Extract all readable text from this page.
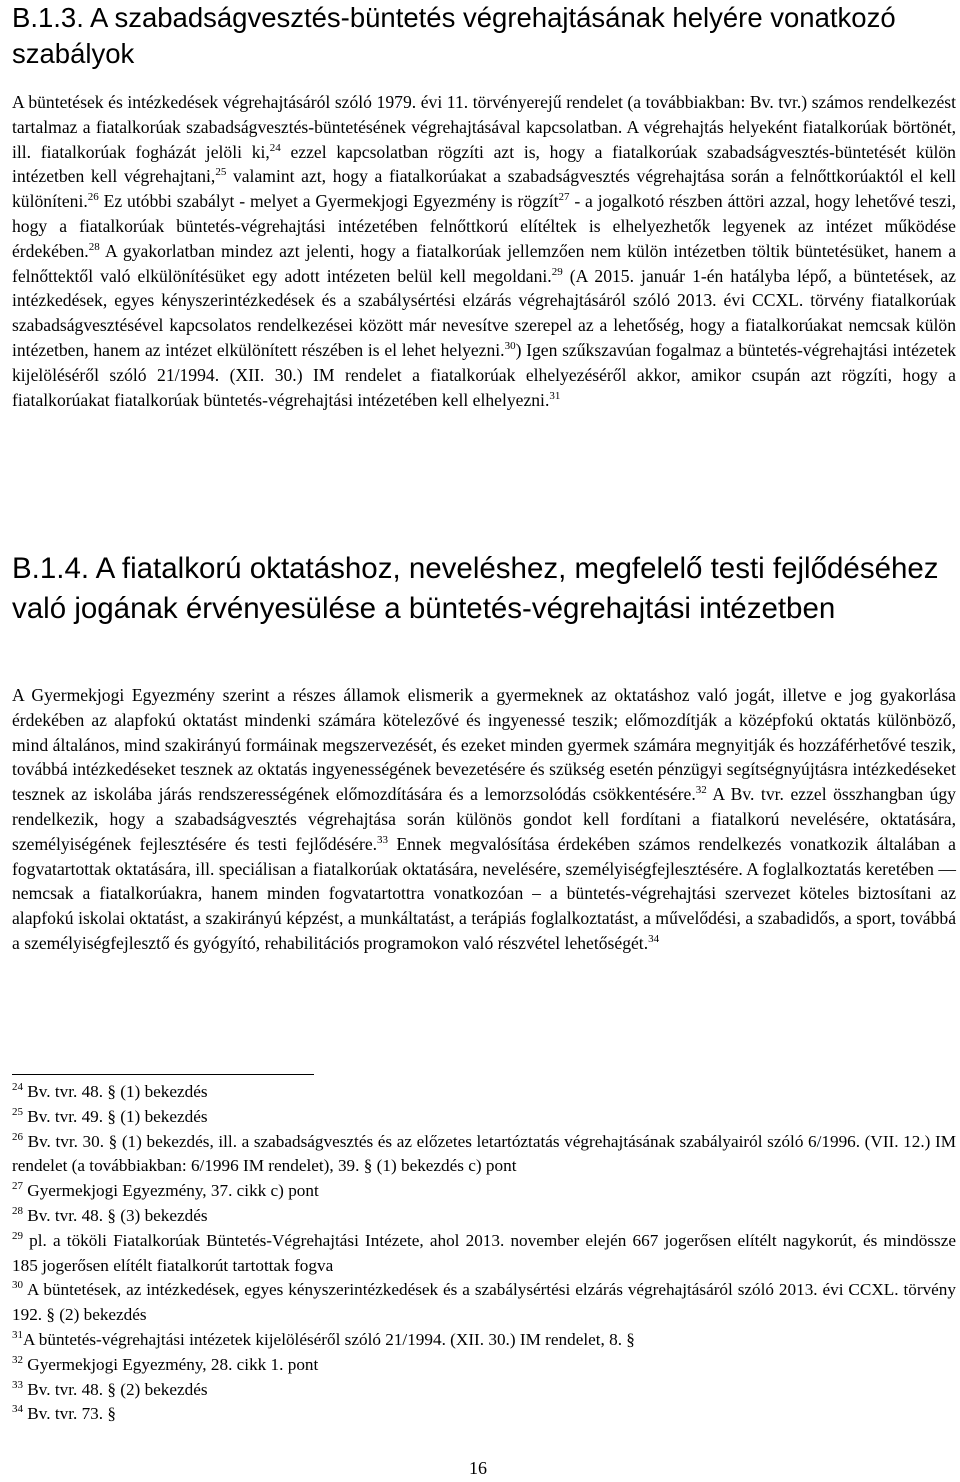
B.1.3. A szabadságvesztés-büntetés végrehajtásának helyére vonatkozó szabályok

A büntetések és intézkedések végrehajtásáról szóló 1979. évi 11. törvényerejű rendelet (a továbbiakban: Bv. tvr.) számos rendelkezést tartalmaz a fiatalkorúak szabadságvesztés-büntetésének végrehajtásával kapcsolatban. A végrehajtás helyeként fiatalkorúak börtönét, ill. fiatalkorúak fogházát jelöli ki,$^{24}$ ezzel kapcsolatban rögzíti azt is, hogy a fiatalkorúak szabadságvesztés-büntetését külön intézetben kell végrehajtani,$^{25}$ valamint azt, hogy a fiatalkorúakat a szabadságvesztés végrehajtása során a felnőttkorúaktól el kell különíteni.$^{26}$ Ez utóbbi szabályt - melyet a Gyermekjogi Egyezmény is rögzít$^{27}$ - a jogalkotó részben áttöri azzal, hogy lehetővé teszi, hogy a fiatalkorúak büntetés-végrehajtási intézetében felnőttkorú elítéltek is elhelyezhetők legyenek az intézet működése érdekében.$^{28}$ A gyakorlatban mindez azt jelenti, hogy a fiatalkorúak jellemzően nem külön intézetben töltik büntetésüket, hanem a felnőttektől való elkülönítésüket egy adott intézeten belül kell megoldani.$^{29}$ (A 2015. január 1-én hatályba lépő, a büntetések, az intézkedések, egyes kényszerintézkedések és a szabálysértési elzárás végrehajtásáról szóló 2013. évi CCXL. törvény fiatalkorúak szabadságvesztésével kapcsolatos rendelkezései között már nevesítve szerepel az a lehetőség, hogy a fiatalkorúakat nemcsak külön intézetben, hanem az intézet elkülönített részében is el lehet helyezni.$^{30}$) Igen szűkszavúan fogalmaz a büntetés-végrehajtási intézetek kijelöléséről szóló 21/1994. (XII. 30.) IM rendelet a fiatalkorúak elhelyezéséről akkor, amikor csupán azt rögzíti, hogy a fiatalkorúakat fiatalkorúak büntetés-végrehajtási intézetében kell elhelyezni.$^{31}$

B.1.4. A fiatalkorú oktatáshoz, neveléshez, megfelelő testi fejlődéséhez való jogának érvényesülése a büntetés-végrehajtási intézetben

A Gyermekjogi Egyezmény szerint a részes államok elismerik a gyermeknek az oktatáshoz való jogát, illetve e jog gyakorlása érdekében az alapfokú oktatást mindenki számára kötelezővé és ingyenessé teszik; előmozdítják a középfokú oktatás különböző, mind általános, mind szakirányú formáinak megszervezését, és ezeket minden gyermek számára megnyitják és hozzáférhetővé teszik, továbbá intézkedéseket tesznek az oktatás ingyenességének bevezetésére és szükség esetén pénzügyi segítségnyújtásra intézkedéseket tesznek az iskolába járás rendszerességének előmozdítására és a lemorzsolódás csökkentésére.$^{32}$ A Bv. tvr. ezzel összhangban úgy rendelkezik, hogy a szabadságvesztés végrehajtása során különös gondot kell fordítani a fiatalkorú nevelésére, oktatására, személyiségének fejlesztésére és testi fejlődésére.$^{33}$ Ennek megvalósítása érdekében számos rendelkezés vonatkozik általában a fogvatartottak oktatására, ill. speciálisan a fiatalkorúak oktatására, nevelésére, személyiségfejlesztésére. A foglalkoztatás keretében — nemcsak a fiatalkorúakra, hanem minden fogvatartottra vonatkozóan – a büntetés-végrehajtási szervezet köteles biztosítani az alapfokú iskolai oktatást, a szakirányú képzést, a munkáltatást, a terápiás foglalkoztatást, a művelődési, a szabadidős, a sport, továbbá a személyiségfejlesztő és gyógyító, rehabilitációs programokon való részvétel lehetőségét.$^{34}$

$^{24}$ Bv. tvr. 48. § (1) bekezdés
$^{25}$ Bv. tvr. 49. § (1) bekezdés
$^{26}$ Bv. tvr. 30. § (1) bekezdés, ill. a szabadságvesztés és az előzetes letartóztatás végrehajtásának szabályairól szóló 6/1996. (VII. 12.) IM rendelet (a továbbiakban: 6/1996 IM rendelet), 39. § (1) bekezdés c) pont
$^{27}$ Gyermekjogi Egyezmény, 37. cikk c) pont
$^{28}$ Bv. tvr. 48. § (3) bekezdés
$^{29}$ pl. a tököli Fiatalkorúak Büntetés-Végrehajtási Intézete, ahol 2013. november elején 667 jogerősen elítélt nagykorút, és mindössze 185 jogerősen elítélt fiatalkorút tartottak fogva
$^{30}$ A büntetések, az intézkedések, egyes kényszerintézkedések és a szabálysértési elzárás végrehajtásáról szóló 2013. évi CCXL. törvény 192. § (2) bekezdés
$^{31}$A büntetés-végrehajtási intézetek kijelöléséről szóló 21/1994. (XII. 30.) IM rendelet, 8. §
$^{32}$ Gyermekjogi Egyezmény, 28. cikk 1. pont
$^{33}$ Bv. tvr. 48. § (2) bekezdés
$^{34}$ Bv. tvr. 73. §
16
